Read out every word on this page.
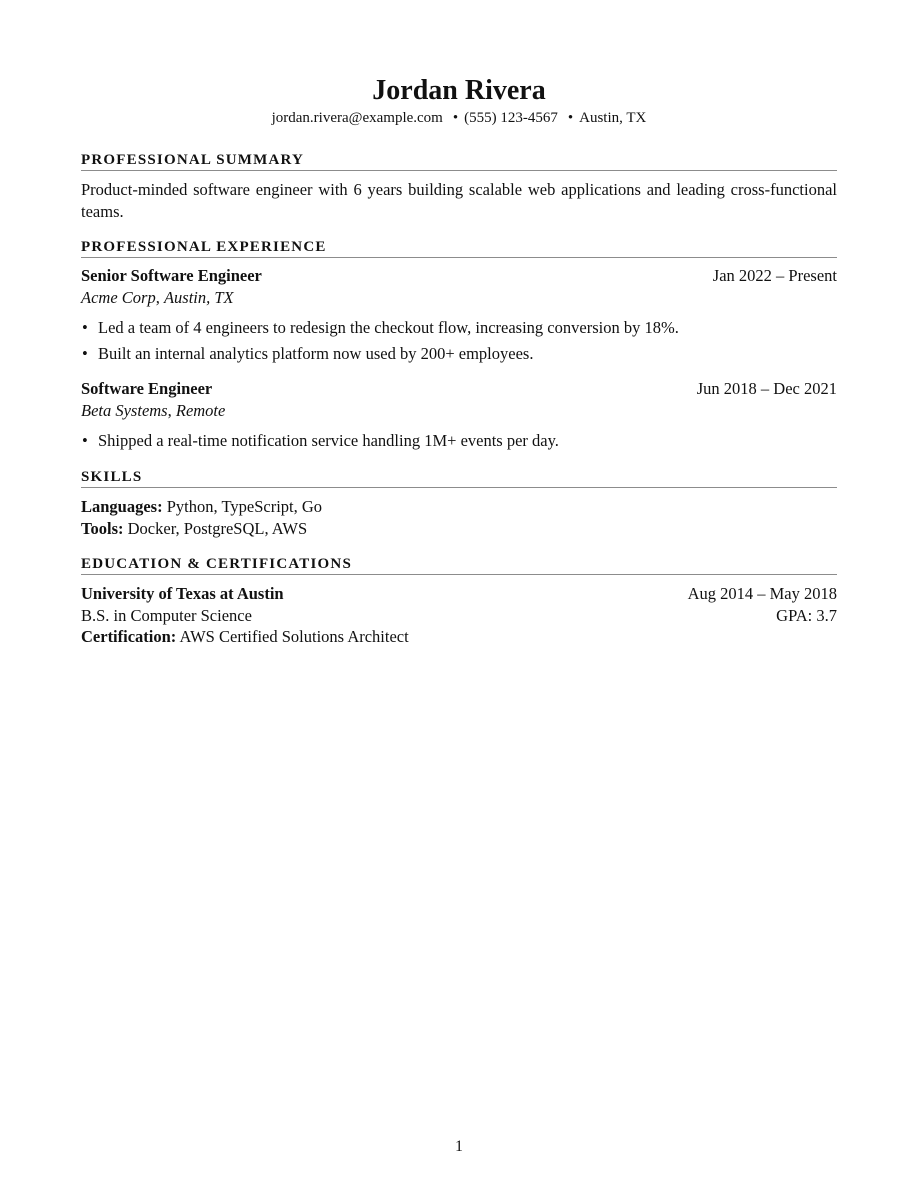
Jordan Rivera
jordan.rivera@example.com • (555) 123-4567 • Austin, TX
PROFESSIONAL SUMMARY
Product-minded software engineer with 6 years building scalable web applications and leading cross-functional teams.
PROFESSIONAL EXPERIENCE
Senior Software Engineer	Jan 2022 – Present
Acme Corp, Austin, TX
• Led a team of 4 engineers to redesign the checkout flow, increasing conversion by 18%.
• Built an internal analytics platform now used by 200+ employees.
Software Engineer	Jun 2018 – Dec 2021
Beta Systems, Remote
• Shipped a real-time notification service handling 1M+ events per day.
SKILLS
Languages: Python, TypeScript, Go
Tools: Docker, PostgreSQL, AWS
EDUCATION & CERTIFICATIONS
University of Texas at Austin	Aug 2014 – May 2018
B.S. in Computer Science	GPA: 3.7
Certification: AWS Certified Solutions Architect
1
